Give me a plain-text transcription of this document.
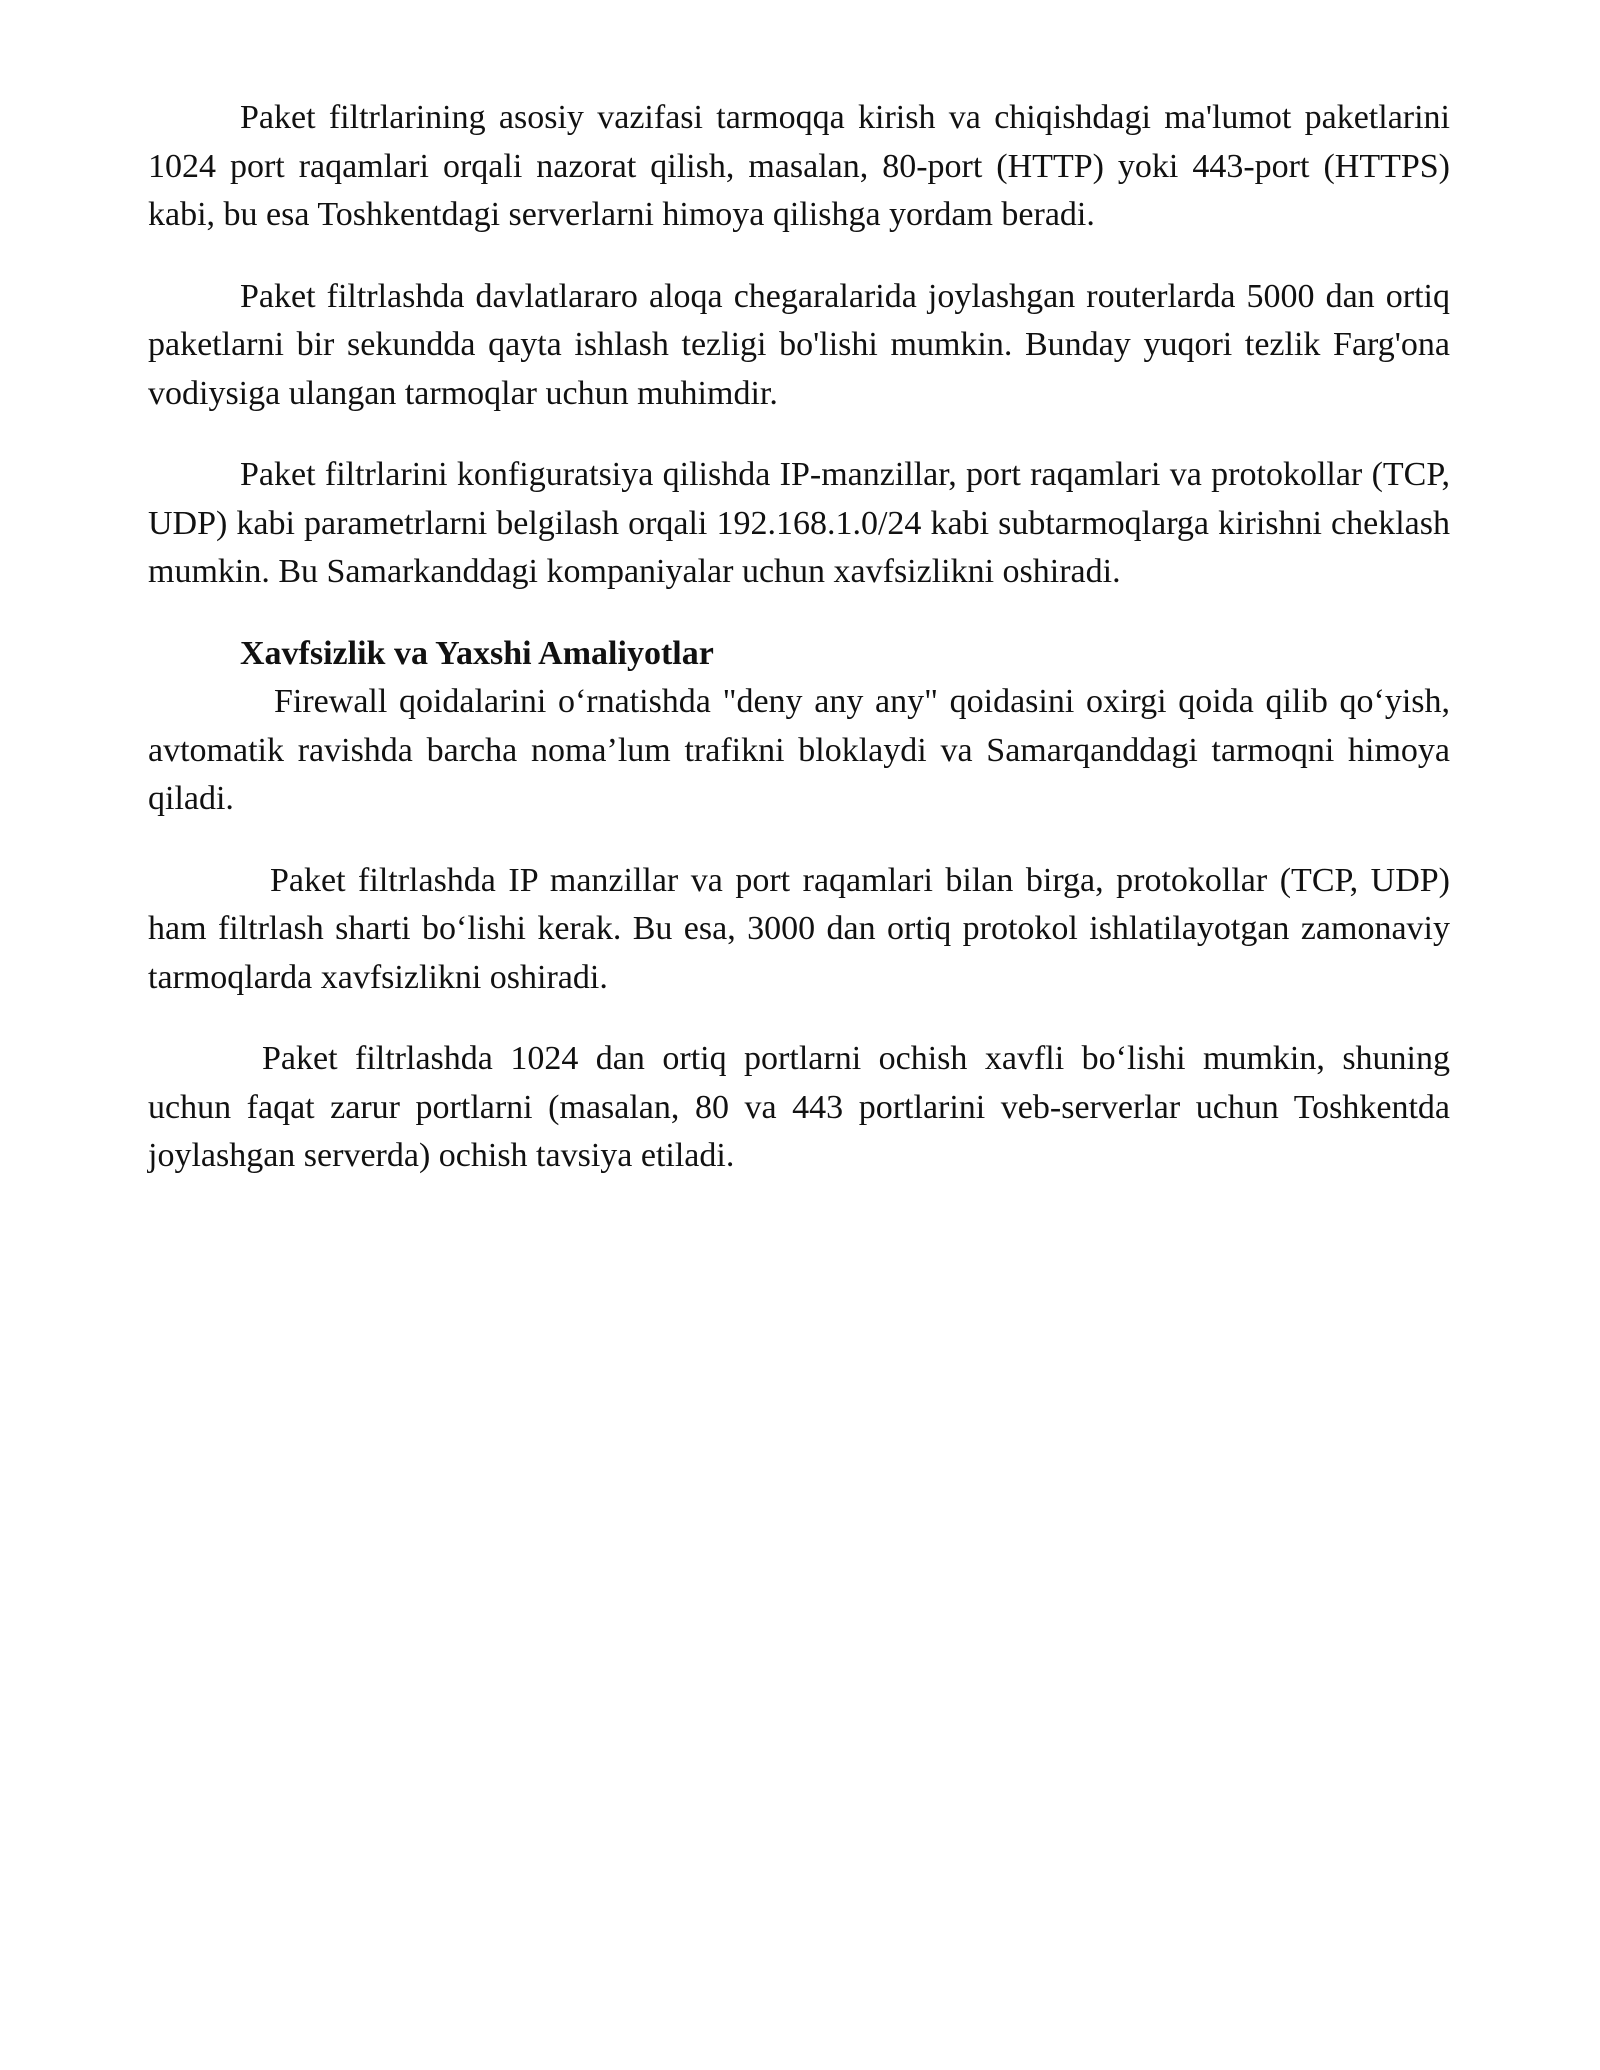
Paket filtrlarining asosiy vazifasi tarmoqqa kirish va chiqishdagi ma'lumot paketlarini 1024 port raqamlari orqali nazorat qilish, masalan, 80-port (HTTP) yoki 443-port (HTTPS) kabi, bu esa Toshkentdagi serverlarni himoya qilishga yordam beradi.

Paket filtrlashda davlatlararo aloqa chegaralarida joylashgan routerlarda 5000 dan ortiq paketlarni bir sekundda qayta ishlash tezligi bo'lishi mumkin. Bunday yuqori tezlik Farg'ona vodiysiga ulangan tarmoqlar uchun muhimdir.

Paket filtrlarini konfiguratsiya qilishda IP-manzillar, port raqamlari va protokollar (TCP, UDP) kabi parametrlarni belgilash orqali 192.168.1.0/24 kabi subtarmoqlarga kirishni cheklash mumkin. Bu Samarkanddagi kompaniyalar uchun xavfsizlikni oshiradi.

Xavfsizlik va Yaxshi Amaliyotlar

Firewall qoidalarini o‘rnatishda "deny any any" qoidasini oxirgi qoida qilib qo‘yish, avtomatik ravishda barcha noma’lum trafikni bloklaydi va Samarqanddagi tarmoqni himoya qiladi.

Paket filtrlashda IP manzillar va port raqamlari bilan birga, protokollar (TCP, UDP) ham filtrlash sharti bo‘lishi kerak. Bu esa, 3000 dan ortiq protokol ishlatilayotgan zamonaviy tarmoqlarda xavfsizlikni oshiradi.

Paket filtrlashda 1024 dan ortiq portlarni ochish xavfli bo‘lishi mumkin, shuning uchun faqat zarur portlarni (masalan, 80 va 443 portlarini veb-serverlar uchun Toshkentda joylashgan serverda) ochish tavsiya etiladi.
